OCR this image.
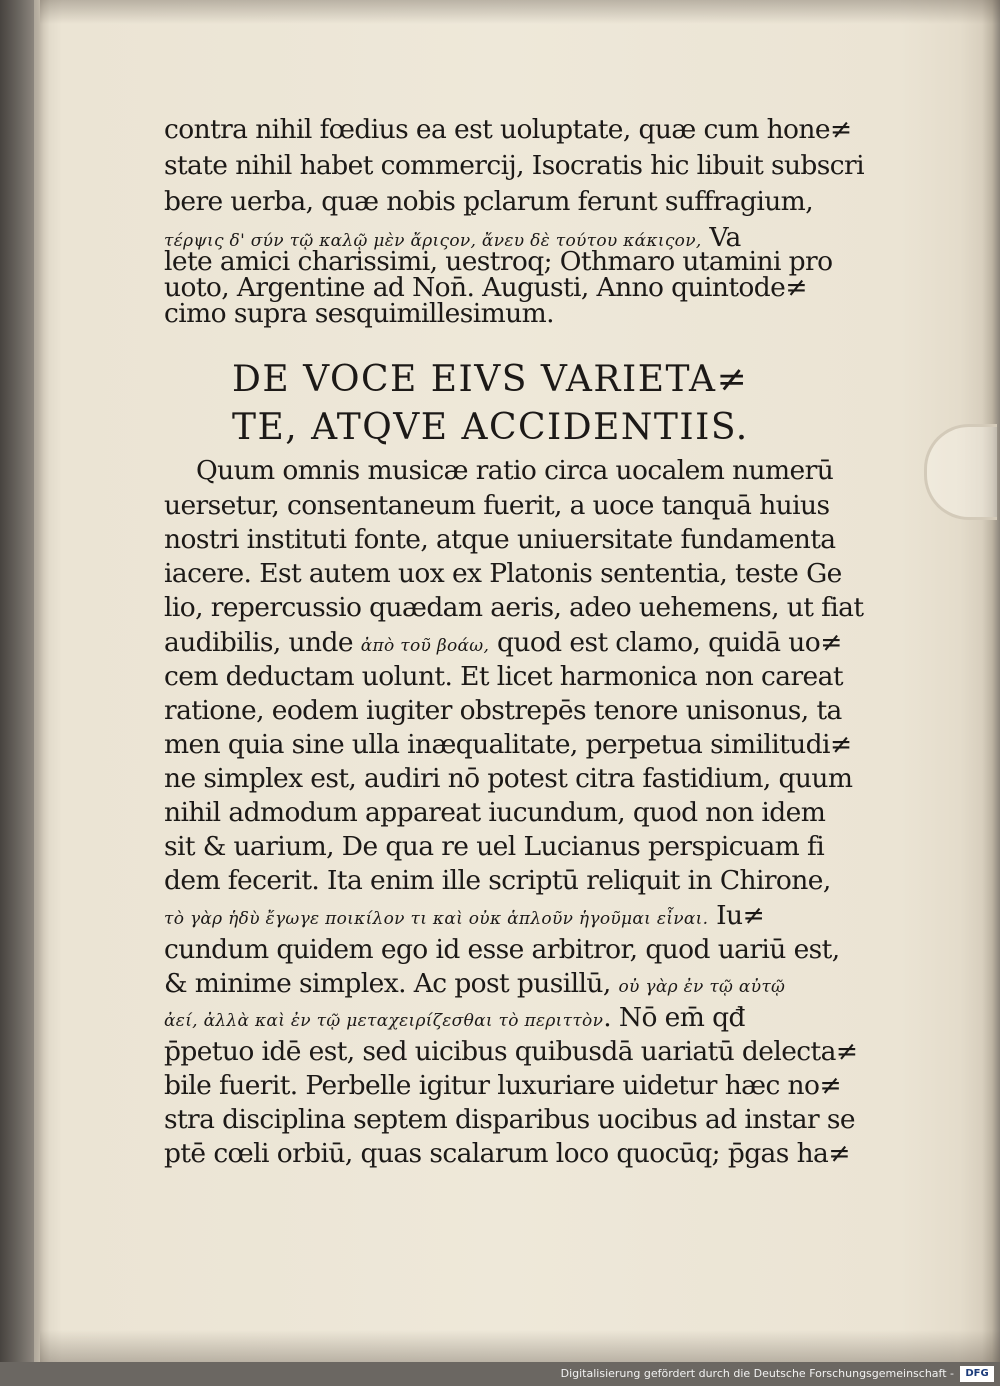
contra nihil fœdius ea est uoluptate, quæ cum hone≠

state nihil habet commercij, Isocratis hic libuit subscri

bere uerba, quæ nobis p̨clarum ferunt suffragium,

τέρψις δ' σύν τῷ καλῷ μὲν ἄριςον, ἄνευ δὲ τούτου κάκιςον, Va

lete amici charissimi, uestroq; Othmaro utamini pro

uoto, Argentine ad Non̄. Augusti, Anno quintode≠

cimo supra sesquimillesimum.

DE VOCE EIVS VARIETA≠
TE, ATQVE ACCIDENTIIS.

Quum omnis musicæ ratio circa uocalem numerū

uersetur, consentaneum fuerit, a uoce tanquā huius

nostri instituti fonte, atque uniuersitate fundamenta

iacere. Est autem uox ex Platonis sententia, teste Ge

lio, repercussio quædam aeris, adeo uehemens, ut fiat

audibilis, unde ἀπὸ τοῦ βοάω, quod est clamo, quidā uo≠

cem deductam uolunt. Et licet harmonica non careat

ratione, eodem iugiter obstrepēs tenore unisonus, ta

men quia sine ulla inæqualitate, perpetua similitudi≠

ne simplex est, audiri nō potest citra fastidium, quum

nihil admodum appareat iucundum, quod non idem

sit & uarium, De qua re uel Lucianus perspicuam fi

dem fecerit. Ita enim ille scriptū reliquit in Chirone,

τὸ γὰρ ἡδὺ ἔγωγε ποικίλον τι καὶ οὐκ ἁπλοῦν ἡγοῦμαι εἶναι. Iu≠

cundum quidem ego id esse arbitror, quod uariū est,

& minime simplex. Ac post pusillū, οὐ γὰρ ἐν τῷ αὐτῷ

ἀεί, ἀλλὰ καὶ ἐν τῷ μεταχειρίζεσθαι τὸ περιττὸν. Nō em̄ qđ

p̄petuo idē est, sed uicibus quibusdā uariatū delecta≠

bile fuerit. Perbelle igitur luxuriare uidetur hæc no≠

stra disciplina septem disparibus uocibus ad instar se

ptē cœli orbiū, quas scalarum loco quocūq; p̄gas ha≠

Digitalisierung gefördert durch die Deutsche Forschungsgemeinschaft -	DFG
